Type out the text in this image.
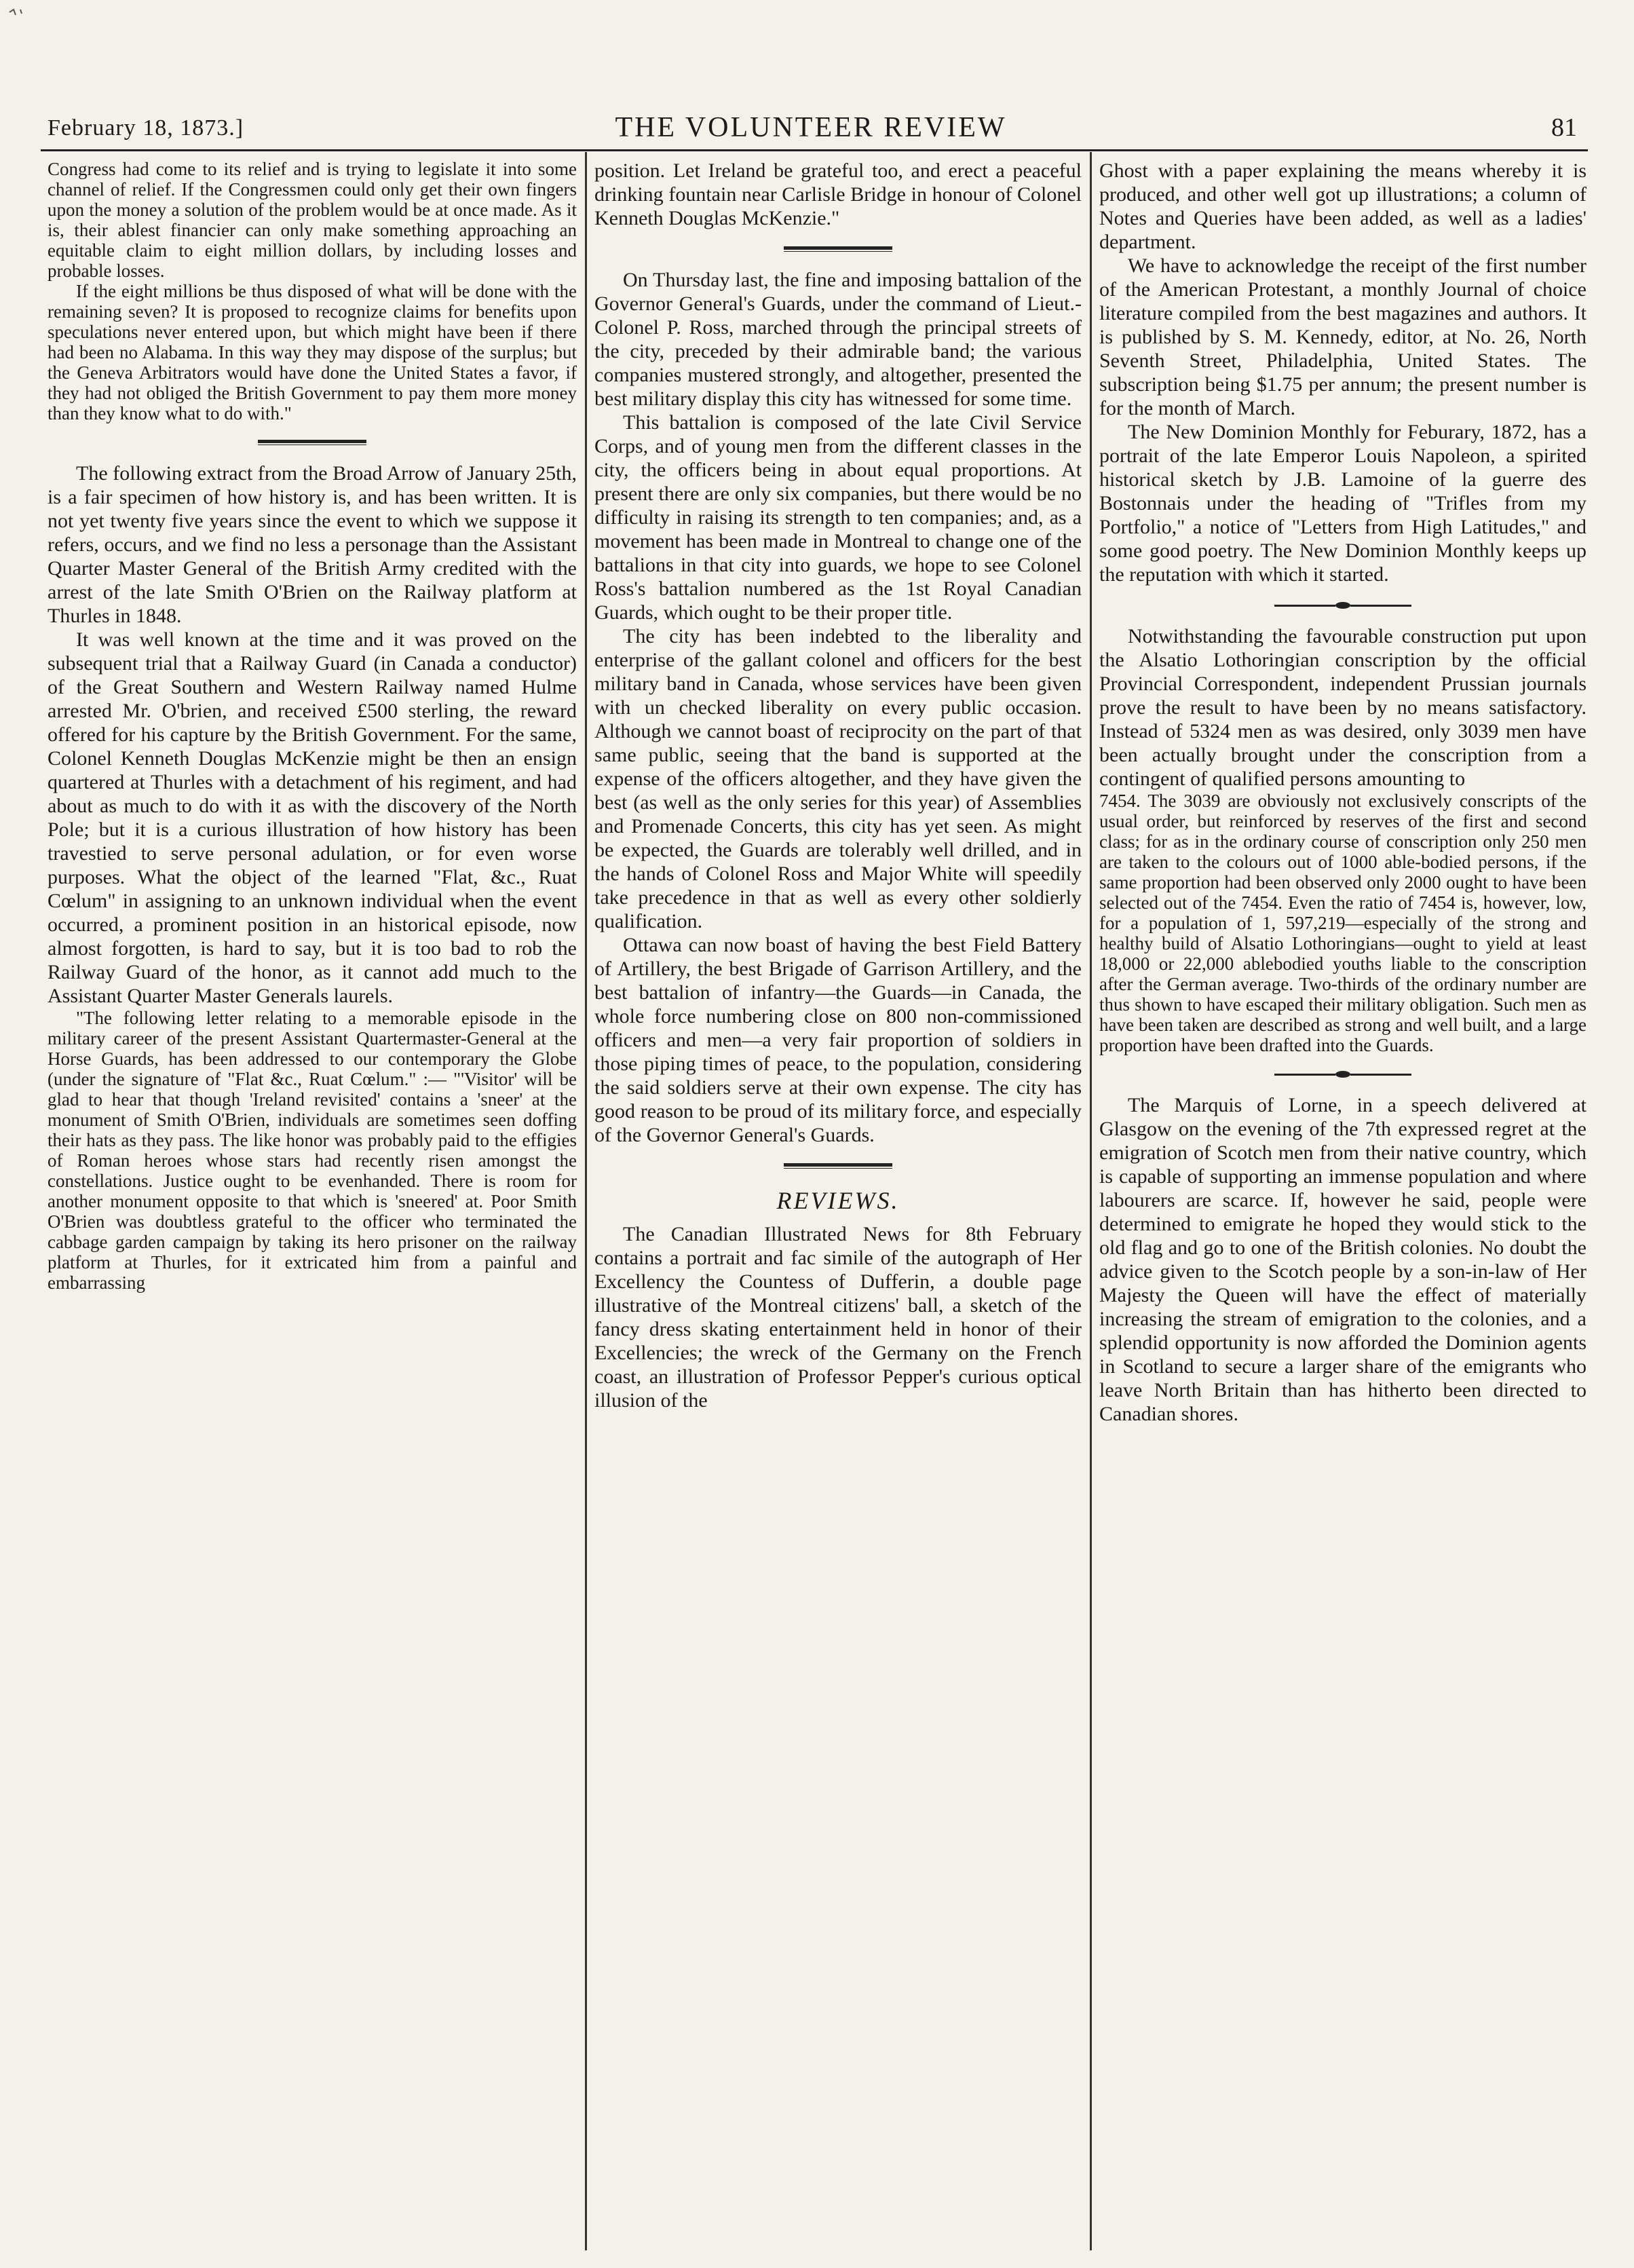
February 18, 1873.]	THE VOLUNTEER REVIEW	81

Congress had come to its relief and is trying to legislate it into some channel of relief. If the Congressmen could only get their own fingers upon the money a solution of the problem would be at once made. As it is, their ablest financier can only make something approaching an equitable claim to eight million dollars, by including losses and probable losses.

If the eight millions be thus disposed of what will be done with the remaining seven? It is proposed to recognize claims for benefits upon speculations never entered upon, but which might have been if there had been no Alabama. In this way they may dispose of the surplus; but the Geneva Arbitrators would have done the United States a favor, if they had not obliged the British Government to pay them more money than they know what to do with."

The following extract from the Broad Arrow of January 25th, is a fair specimen of how history is, and has been written. It is not yet twenty five years since the event to which we suppose it refers, occurs, and we find no less a personage than the Assistant Quarter Master General of the British Army credited with the arrest of the late Smith O'Brien on the Railway platform at Thurles in 1848.

It was well known at the time and it was proved on the subsequent trial that a Railway Guard (in Canada a conductor) of the Great Southern and Western Railway named Hulme arrested Mr. O'brien, and received £500 sterling, the reward offered for his capture by the British Government. For the same, Colonel Kenneth Douglas McKenzie might be then an ensign quartered at Thurles with a detachment of his regiment, and had about as much to do with it as with the discovery of the North Pole; but it is a curious illustration of how history has been travestied to serve personal adulation, or for even worse purposes. What the object of the learned "Flat, &c., Ruat Cœlum" in assigning to an unknown individual when the event occurred, a prominent position in an historical episode, now almost forgotten, is hard to say, but it is too bad to rob the Railway Guard of the honor, as it cannot add much to the Assistant Quarter Master Generals laurels.

"The following letter relating to a memorable episode in the military career of the present Assistant Quartermaster-General at the Horse Guards, has been addressed to our contemporary the Globe (under the signature of "Flat &c., Ruat Cœlum." :— "'Visitor' will be glad to hear that though 'Ireland revisited' contains a 'sneer' at the monument of Smith O'Brien, individuals are sometimes seen doffing their hats as they pass. The like honor was probably paid to the effigies of Roman heroes whose stars had recently risen amongst the constellations. Justice ought to be evenhanded. There is room for another monument opposite to that which is 'sneered' at. Poor Smith O'Brien was doubtless grateful to the officer who terminated the cabbage garden campaign by taking its hero prisoner on the railway platform at Thurles, for it extricated him from a painful and embarrassing

position. Let Ireland be grateful too, and erect a peaceful drinking fountain near Carlisle Bridge in honour of Colonel Kenneth Douglas McKenzie."

On Thursday last, the fine and imposing battalion of the Governor General's Guards, under the command of Lieut.-Colonel P. Ross, marched through the principal streets of the city, preceded by their admirable band; the various companies mustered strongly, and altogether, presented the best military display this city has witnessed for some time.

This battalion is composed of the late Civil Service Corps, and of young men from the different classes in the city, the officers being in about equal proportions. At present there are only six companies, but there would be no difficulty in raising its strength to ten companies; and, as a movement has been made in Montreal to change one of the battalions in that city into guards, we hope to see Colonel Ross's battalion numbered as the 1st Royal Canadian Guards, which ought to be their proper title.

The city has been indebted to the liberality and enterprise of the gallant colonel and officers for the best military band in Canada, whose services have been given with un checked liberality on every public occasion. Although we cannot boast of reciprocity on the part of that same public, seeing that the band is supported at the expense of the officers altogether, and they have given the best (as well as the only series for this year) of Assemblies and Promenade Concerts, this city has yet seen. As might be expected, the Guards are tolerably well drilled, and in the hands of Colonel Ross and Major White will speedily take precedence in that as well as every other soldierly qualification.

Ottawa can now boast of having the best Field Battery of Artillery, the best Brigade of Garrison Artillery, and the best battalion of infantry—the Guards—in Canada, the whole force numbering close on 800 non-commissioned officers and men—a very fair proportion of soldiers in those piping times of peace, to the population, considering the said soldiers serve at their own expense. The city has good reason to be proud of its military force, and especially of the Governor General's Guards.

REVIEWS.

The Canadian Illustrated News for 8th February contains a portrait and fac simile of the autograph of Her Excellency the Countess of Dufferin, a double page illustrative of the Montreal citizens' ball, a sketch of the fancy dress skating entertainment held in honor of their Excellencies; the wreck of the Germany on the French coast, an illustration of Professor Pepper's curious optical illusion of the

Ghost with a paper explaining the means whereby it is produced, and other well got up illustrations; a column of Notes and Queries have been added, as well as a ladies' department.

We have to acknowledge the receipt of the first number of the American Protestant, a monthly Journal of choice literature compiled from the best magazines and authors. It is published by S. M. Kennedy, editor, at No. 26, North Seventh Street, Philadelphia, United States. The subscription being $1.75 per annum; the present number is for the month of March.

The New Dominion Monthly for Feburary, 1872, has a portrait of the late Emperor Louis Napoleon, a spirited historical sketch by J.B. Lamoine of la guerre des Bostonnais under the heading of "Trifles from my Portfolio," a notice of "Letters from High Latitudes," and some good poetry. The New Dominion Monthly keeps up the reputation with which it started.

Notwithstanding the favourable construction put upon the Alsatio Lothoringian conscription by the official Provincial Correspondent, independent Prussian journals prove the result to have been by no means satisfactory. Instead of 5324 men as was desired, only 3039 men have been actually brought under the conscription from a contingent of qualified persons amounting to

7454. The 3039 are obviously not exclusively conscripts of the usual order, but reinforced by reserves of the first and second class; for as in the ordinary course of conscription only 250 men are taken to the colours out of 1000 able-bodied persons, if the same proportion had been observed only 2000 ought to have been selected out of the 7454. Even the ratio of 7454 is, however, low, for a population of 1, 597,219—especially of the strong and healthy build of Alsatio Lothoringians—ought to yield at least 18,000 or 22,000 ablebodied youths liable to the conscription after the German average. Two-thirds of the ordinary number are thus shown to have escaped their military obligation. Such men as have been taken are described as strong and well built, and a large proportion have been drafted into the Guards.

The Marquis of Lorne, in a speech delivered at Glasgow on the evening of the 7th expressed regret at the emigration of Scotch men from their native country, which is capable of supporting an immense population and where labourers are scarce. If, however he said, people were determined to emigrate he hoped they would stick to the old flag and go to one of the British colonies. No doubt the advice given to the Scotch people by a son-in-law of Her Majesty the Queen will have the effect of materially increasing the stream of emigration to the colonies, and a splendid opportunity is now afforded the Dominion agents in Scotland to secure a larger share of the emigrants who leave North Britain than has hitherto been directed to Canadian shores.
